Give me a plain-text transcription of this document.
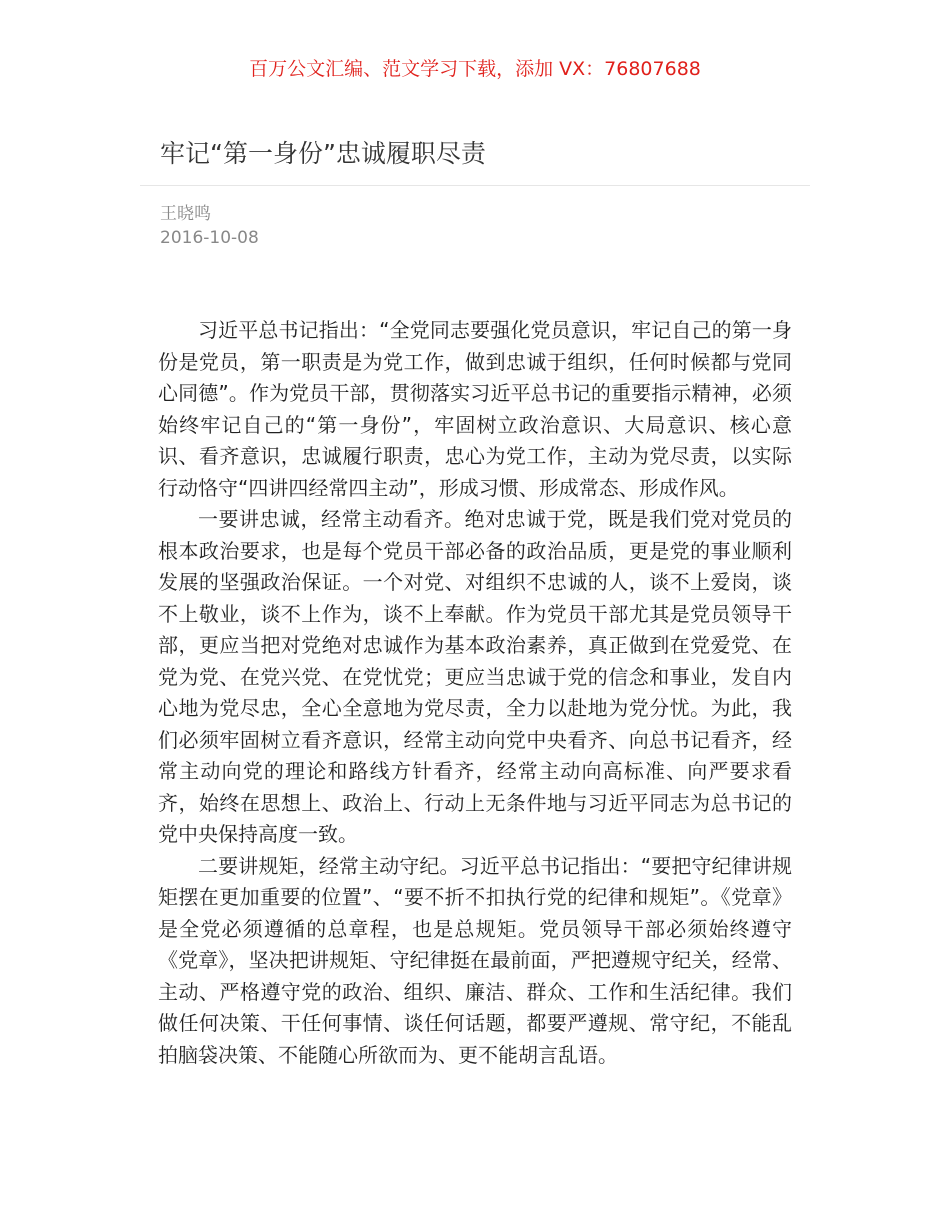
百万公文汇编、范文学习下载，添加 VX：76807688
牢记“第一身份”忠诚履职尽责
王晓鸣
2016-10-08

习近平总书记指出：“全党同志要强化党员意识，牢记自己的第一身份是党员，第一职责是为党工作，做到忠诚于组织，任何时候都与党同心同德”。作为党员干部，贯彻落实习近平总书记的重要指示精神，必须始终牢记自己的“第一身份”，牢固树立政治意识、大局意识、核心意识、看齐意识，忠诚履行职责，忠心为党工作，主动为党尽责，以实际行动恪守“四讲四经常四主动”，形成习惯、形成常态、形成作风。

一要讲忠诚，经常主动看齐。绝对忠诚于党，既是我们党对党员的根本政治要求，也是每个党员干部必备的政治品质，更是党的事业顺利发展的坚强政治保证。一个对党、对组织不忠诚的人，谈不上爱岗，谈不上敬业，谈不上作为，谈不上奉献。作为党员干部尤其是党员领导干部，更应当把对党绝对忠诚作为基本政治素养，真正做到在党爱党、在党为党、在党兴党、在党忧党；更应当忠诚于党的信念和事业，发自内心地为党尽忠，全心全意地为党尽责，全力以赴地为党分忧。为此，我们必须牢固树立看齐意识，经常主动向党中央看齐、向总书记看齐，经常主动向党的理论和路线方针看齐，经常主动向高标准、向严要求看齐，始终在思想上、政治上、行动上无条件地与习近平同志为总书记的党中央保持高度一致。

二要讲规矩，经常主动守纪。习近平总书记指出：“要把守纪律讲规矩摆在更加重要的位置”、“要不折不扣执行党的纪律和规矩”。《党章》是全党必须遵循的总章程，也是总规矩。党员领导干部必须始终遵守《党章》，坚决把讲规矩、守纪律挺在最前面，严把遵规守纪关，经常、主动、严格遵守党的政治、组织、廉洁、群众、工作和生活纪律。我们做任何决策、干任何事情、谈任何话题，都要严遵规、常守纪，不能乱拍脑袋决策、不能随心所欲而为、更不能胡言乱语。
